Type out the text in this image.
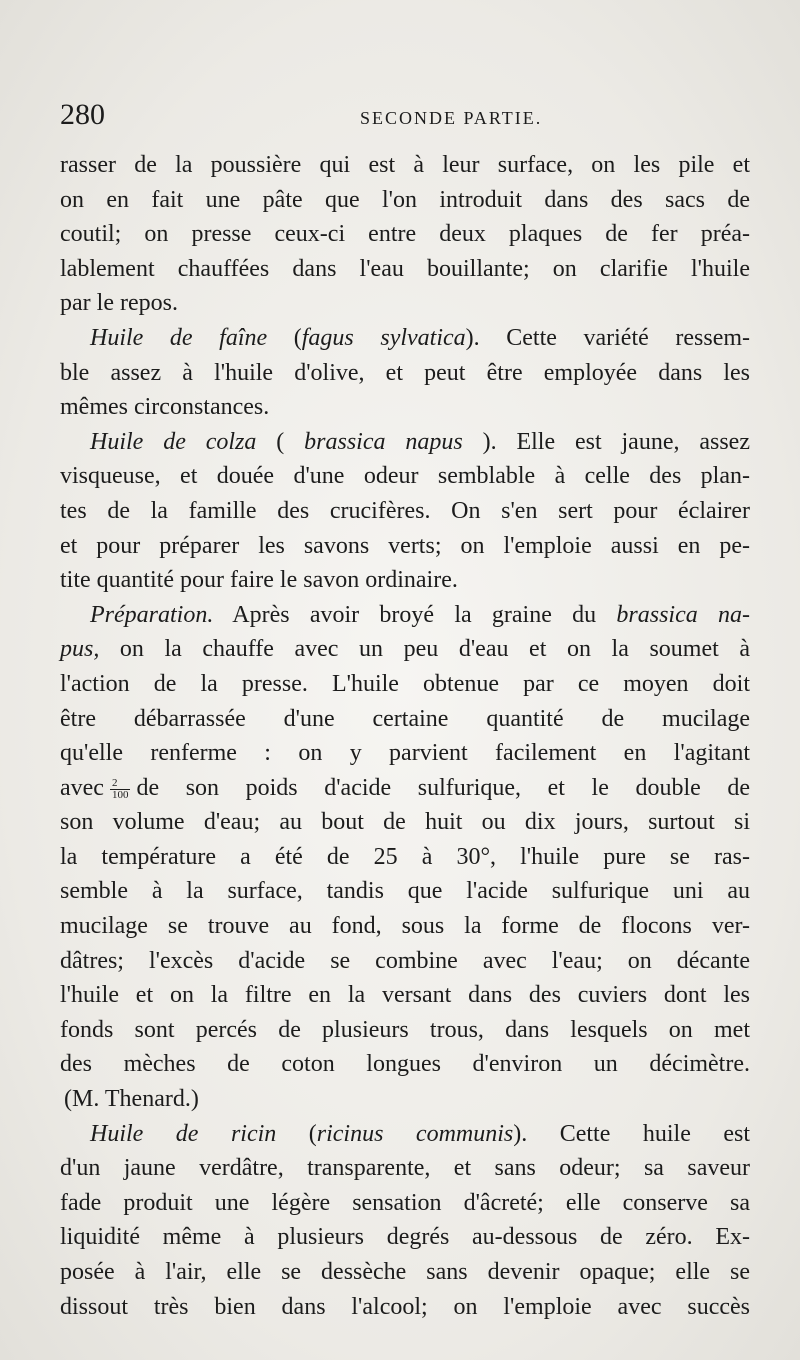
280	SECONDE PARTIE.
rasser de la poussière qui est à leur surface, on les pile et
on en fait une pâte que l'on introduit dans des sacs de
coutil; on presse ceux-ci entre deux plaques de fer préa-
lablement chauffées dans l'eau bouillante; on clarifie l'huile
par le repos.
Huile de faîne (fagus sylvatica). Cette variété ressem-
ble assez à l'huile d'olive, et peut être employée dans les
mêmes circonstances.
Huile de colza ( brassica napus ). Elle est jaune, assez
visqueuse, et douée d'une odeur semblable à celle des plan-
tes de la famille des crucifères. On s'en sert pour éclairer
et pour préparer les savons verts; on l'emploie aussi en pe-
tite quantité pour faire le savon ordinaire.
Préparation. Après avoir broyé la graine du brassica na-
pus, on la chauffe avec un peu d'eau et on la soumet à
l'action de la presse. L'huile obtenue par ce moyen doit
être débarrassée d'une certaine quantité de mucilage
qu'elle renferme : on y parvient facilement en l'agitant
avec $\frac{2}{100}$ de son poids d'acide sulfurique, et le double de
son volume d'eau; au bout de huit ou dix jours, surtout si
la température a été de 25 à 30°, l'huile pure se ras-
semble à la surface, tandis que l'acide sulfurique uni au
mucilage se trouve au fond, sous la forme de flocons ver-
dâtres; l'excès d'acide se combine avec l'eau; on décante
l'huile et on la filtre en la versant dans des cuviers dont les
fonds sont percés de plusieurs trous, dans lesquels on met
des mèches de coton longues d'environ un décimètre.
(M. Thenard.)
Huile de ricin (ricinus communis). Cette huile est
d'un jaune verdâtre, transparente, et sans odeur; sa saveur
fade produit une légère sensation d'âcreté; elle conserve sa
liquidité même à plusieurs degrés au-dessous de zéro. Ex-
posée à l'air, elle se dessèche sans devenir opaque; elle se
dissout très bien dans l'alcool; on l'emploie avec succès
